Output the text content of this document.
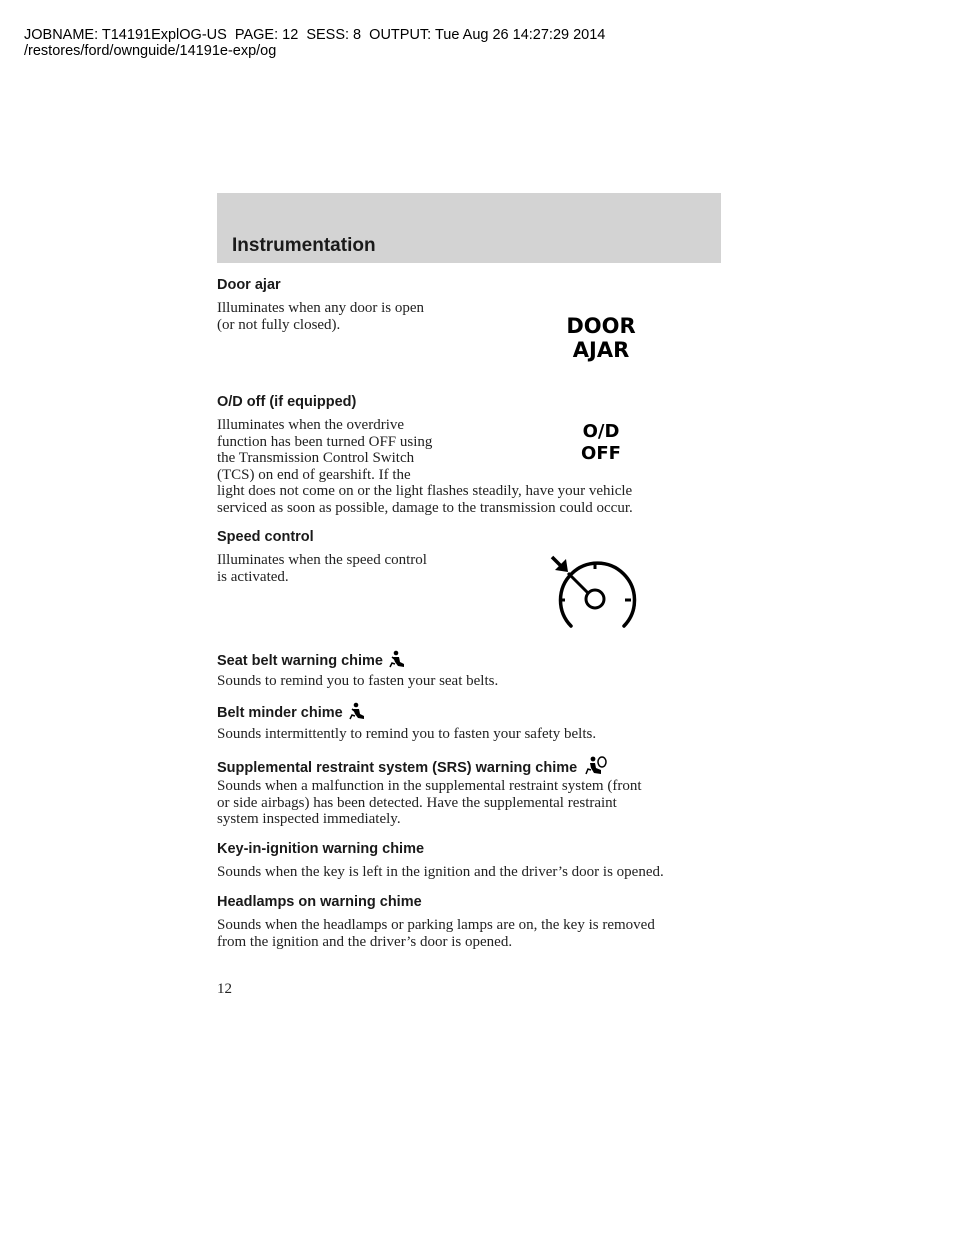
JOBNAME: T14191ExplOG-US  PAGE: 12  SESS: 8  OUTPUT: Tue Aug 26 14:27:29 2014
/restores/ford/ownguide/14191e-exp/og
Instrumentation
Door ajar
Illuminates when any door is open
(or not fully closed).	DOOR
AJAR
O/D off (if equipped)
Illuminates when the overdrive
function has been turned OFF using
the Transmission Control Switch
(TCS) on end of gearshift. If the
light does not come on or the light flashes steadily, have your vehicle
serviced as soon as possible, damage to the transmission could occur.
O/D
OFF
Speed control
Illuminates when the speed control
is activated.
Seat belt warning chime
Sounds to remind you to fasten your seat belts.
Belt minder chime
Sounds intermittently to remind you to fasten your safety belts.
Supplemental restraint system (SRS) warning chime
Sounds when a malfunction in the supplemental restraint system (front
or side airbags) has been detected. Have the supplemental restraint
system inspected immediately.
Key-in-ignition warning chime
Sounds when the key is left in the ignition and the driver’s door is opened.
Headlamps on warning chime
Sounds when the headlamps or parking lamps are on, the key is removed
from the ignition and the driver’s door is opened.
12
